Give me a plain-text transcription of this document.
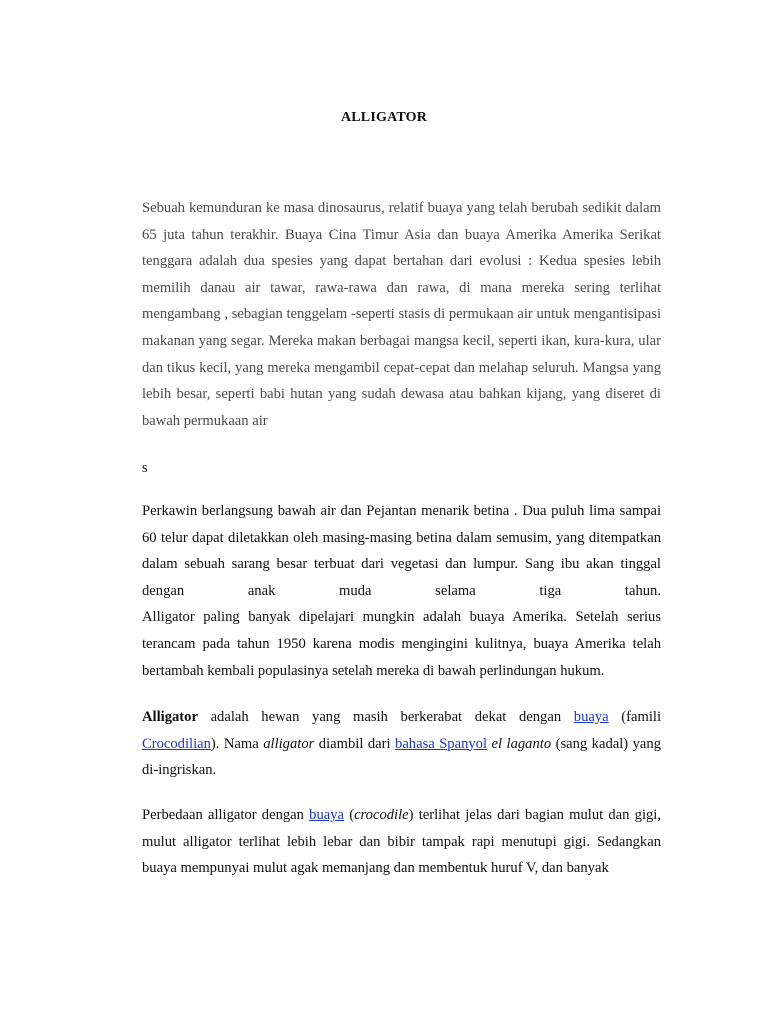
ALLIGATOR

Sebuah kemunduran ke masa dinosaurus, relatif buaya yang telah berubah sedikit dalam 65 juta tahun terakhir. Buaya Cina Timur Asia dan buaya Amerika Amerika Serikat tenggara adalah dua spesies yang dapat bertahan dari evolusi : Kedua spesies lebih memilih danau air tawar, rawa-rawa dan rawa, di mana mereka sering terlihat mengambang , sebagian tenggelam -seperti stasis di permukaan air untuk mengantisipasi makanan yang segar. Mereka makan berbagai mangsa kecil, seperti ikan, kura-kura, ular dan tikus kecil, yang mereka mengambil cepat-cepat dan melahap seluruh. Mangsa yang lebih besar, seperti babi hutan yang sudah dewasa atau bahkan kijang, yang diseret di bawah permukaan air

s

Perkawin berlangsung bawah air dan Pejantan menarik betina . Dua puluh lima sampai 60 telur dapat diletakkan oleh masing-masing betina dalam semusim, yang ditempatkan dalam sebuah sarang besar terbuat dari vegetasi dan lumpur. Sang ibu akan tinggal dengan anak muda selama tiga tahun.
Alligator paling banyak dipelajari mungkin adalah buaya Amerika. Setelah serius terancam pada tahun 1950 karena modis mengingini kulitnya, buaya Amerika telah bertambah kembali populasinya setelah mereka di bawah perlindungan hukum.

Alligator adalah hewan yang masih berkerabat dekat dengan buaya (famili Crocodilian). Nama alligator diambil dari bahasa Spanyol el laganto (sang kadal) yang di-ingriskan.

Perbedaan alligator dengan buaya (crocodile) terlihat jelas dari bagian mulut dan gigi, mulut alligator terlihat lebih lebar dan bibir tampak rapi menutupi gigi. Sedangkan buaya mempunyai mulut agak memanjang dan membentuk huruf V, dan banyak
